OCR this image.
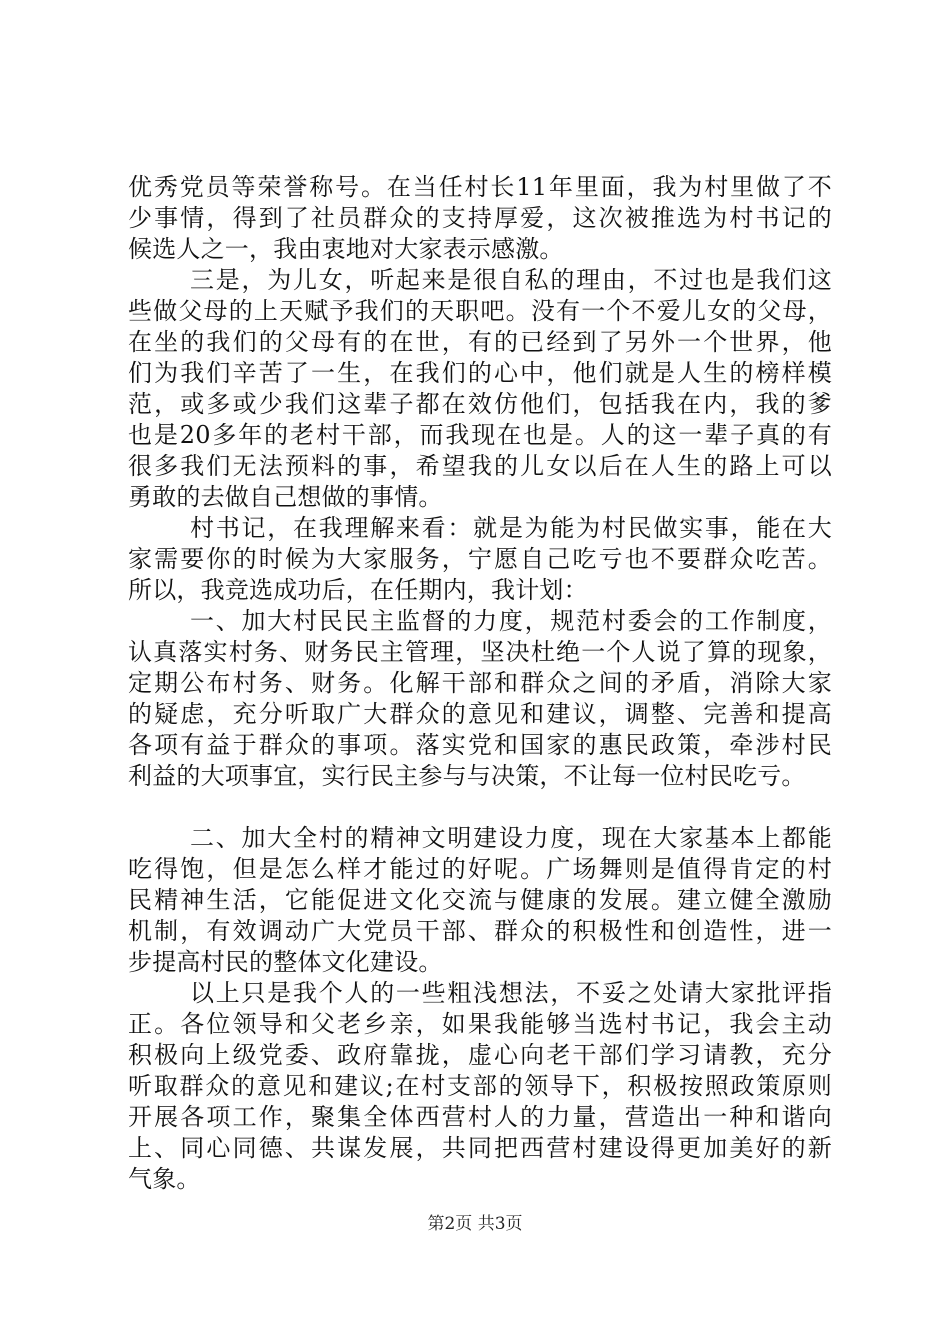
优秀党员等荣誉称号。在当任村长11年里面，我为村里做了不
少事情，得到了社员群众的支持厚爱，这次被推选为村书记的
候选人之一，我由衷地对大家表示感激。
三是，为儿女，听起来是很自私的理由，不过也是我们这
些做父母的上天赋予我们的天职吧。没有一个不爱儿女的父母，
在坐的我们的父母有的在世，有的已经到了另外一个世界，他
们为我们辛苦了一生，在我们的心中，他们就是人生的榜样模
范，或多或少我们这辈子都在效仿他们，包括我在内，我的爹
也是20多年的老村干部，而我现在也是。人的这一辈子真的有
很多我们无法预料的事，希望我的儿女以后在人生的路上可以
勇敢的去做自己想做的事情。
村书记，在我理解来看：就是为能为村民做实事，能在大
家需要你的时候为大家服务，宁愿自己吃亏也不要群众吃苦。
所以，我竞选成功后，在任期内，我计划：
一、加大村民民主监督的力度，规范村委会的工作制度，
认真落实村务、财务民主管理，坚决杜绝一个人说了算的现象，
定期公布村务、财务。化解干部和群众之间的矛盾，消除大家
的疑虑，充分听取广大群众的意见和建议，调整、完善和提高
各项有益于群众的事项。落实党和国家的惠民政策，牵涉村民
利益的大项事宜，实行民主参与与决策，不让每一位村民吃亏。
二、加大全村的精神文明建设力度，现在大家基本上都能
吃得饱，但是怎么样才能过的好呢。广场舞则是值得肯定的村
民精神生活，它能促进文化交流与健康的发展。建立健全激励
机制，有效调动广大党员干部、群众的积极性和创造性，进一
步提高村民的整体文化建设。
以上只是我个人的一些粗浅想法，不妥之处请大家批评指
正。各位领导和父老乡亲，如果我能够当选村书记，我会主动
积极向上级党委、政府靠拢，虚心向老干部们学习请教，充分
听取群众的意见和建议;在村支部的领导下，积极按照政策原则
开展各项工作，聚集全体西营村人的力量，营造出一种和谐向
上、同心同德、共谋发展，共同把西营村建设得更加美好的新
气象。
第2页 共3页
